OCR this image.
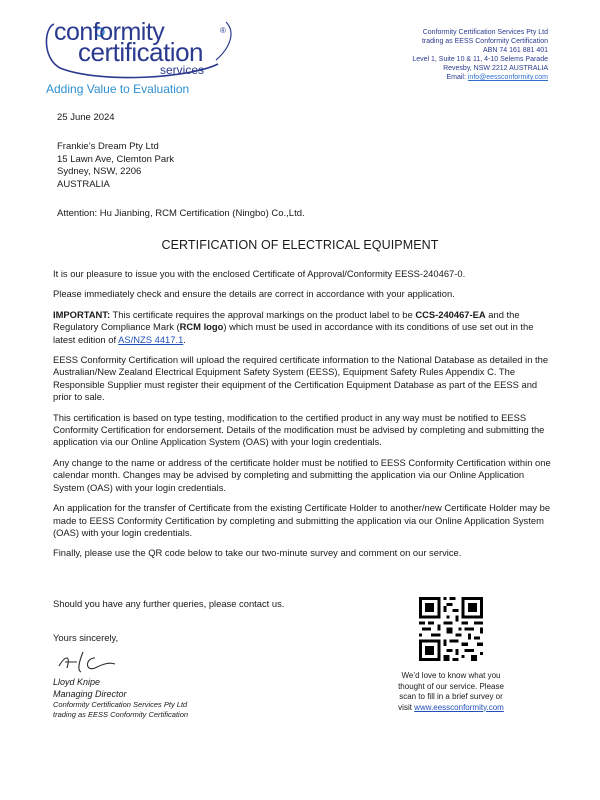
conformity	®
certification
services
Adding Value to Evaluation
Conformity Certification Services Pty Ltd
trading as EESS Conformity Certification
ABN 74 161 881 401
Level 1, Suite 10 & 11, 4-10 Selems Parade
Revesby, NSW 2212 AUSTRALIA
Email: info@eessconformity.com
25 June 2024
Frankie’s Dream Pty Ltd
15 Lawn Ave, Clemton Park
Sydney, NSW, 2206
AUSTRALIA
Attention: Hu Jianbing, RCM Certification (Ningbo) Co.,Ltd.
CERTIFICATION OF ELECTRICAL EQUIPMENT

It is our pleasure to issue you with the enclosed Certificate of Approval/Conformity EESS-240467-0.

Please immediately check and ensure the details are correct in accordance with your application.

IMPORTANT: This certificate requires the approval markings on the product label to be CCS-240467-EA and the Regulatory Compliance Mark (RCM logo) which must be used in accordance with its conditions of use set out in the latest edition of AS/NZS 4417.1.

EESS Conformity Certification will upload the required certificate information to the National Database as detailed in the Australian/New Zealand Electrical Equipment Safety System (EESS), Equipment Safety Rules Appendix C. The Responsible Supplier must register their equipment of the Certification Equipment Database as part of the EESS and prior to sale.

This certification is based on type testing, modification to the certified product in any way must be notified to EESS Conformity Certification for endorsement. Details of the modification must be advised by completing and submitting the application via our Online Application System (OAS) with your login credentials.

Any change to the name or address of the certificate holder must be notified to EESS Conformity Certification within one calendar month. Changes may be advised by completing and submitting the application via our Online Application System (OAS) with your login credentials.

An application for the transfer of Certificate from the existing Certificate Holder to another/new Certificate Holder may be made to EESS Conformity Certification by completing and submitting the application via our Online Application System (OAS) with your login credentials.

Finally, please use the QR code below to take our two-minute survey and comment on our service.

Should you have any further queries, please contact us.
Yours sincerely,
Lloyd Knipe
Managing Director
Conformity Certification Services Pty Ltd
trading as EESS Conformity Certification
We’d love to know what you
thought of our service. Please
scan to fill in a brief survey or
visit www.eessconformity.com
